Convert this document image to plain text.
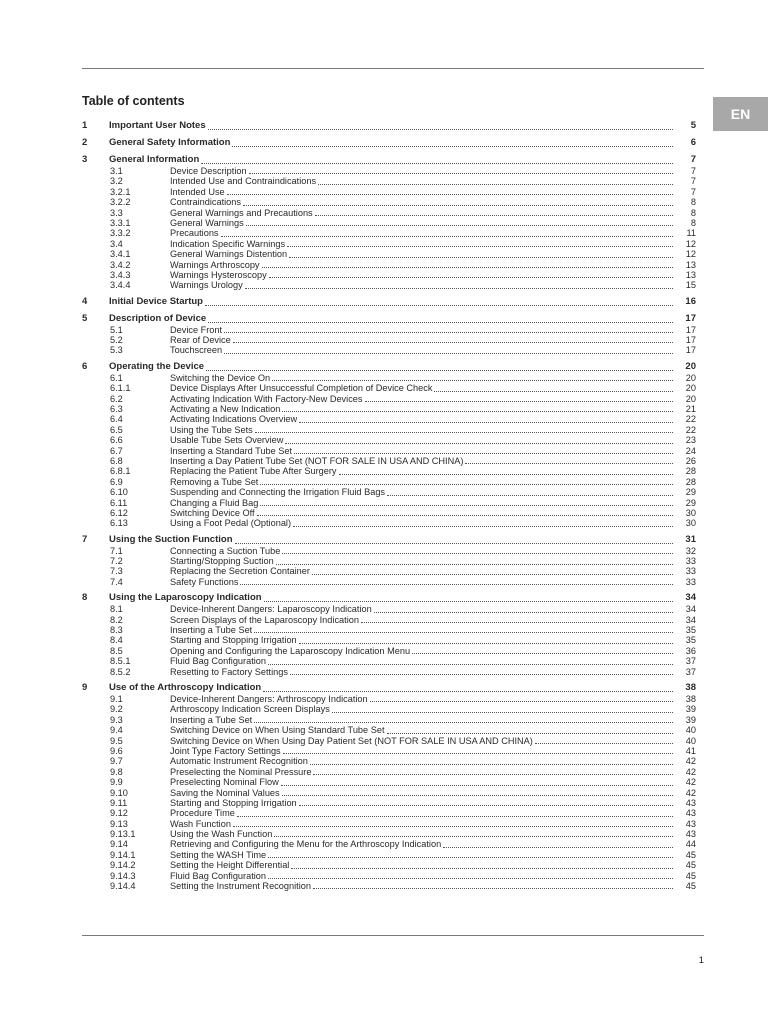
Table of contents
EN
1	Important User Notes	5
2	General Safety Information	6
3	General Information	7
3.1	Device Description	7
3.2	Intended Use and Contraindications	7
3.2.1	Intended Use	7
3.2.2	Contraindications	8
3.3	General Warnings and Precautions	8
3.3.1	General Warnings	8
3.3.2	Precautions	11
3.4	Indication Specific Warnings	12
3.4.1	General Warnings Distention	12
3.4.2	Warnings Arthroscopy	13
3.4.3	Warnings Hysteroscopy	13
3.4.4	Warnings Urology	15
4	Initial Device Startup	16
5	Description of Device	17
5.1	Device Front	17
5.2	Rear of Device	17
5.3	Touchscreen	17
6	Operating the Device	20
6.1	Switching the Device On	20
6.1.1	Device Displays After Unsuccessful Completion of Device Check	20
6.2	Activating Indication With Factory-New Devices	20
6.3	Activating a New Indication	21
6.4	Activating Indications Overview	22
6.5	Using the Tube Sets	22
6.6	Usable Tube Sets Overview	23
6.7	Inserting a Standard Tube Set	24
6.8	Inserting a Day Patient Tube Set (NOT FOR SALE IN USA AND CHINA)	26
6.8.1	Replacing the Patient Tube After Surgery	28
6.9	Removing a Tube Set	28
6.10	Suspending and Connecting the Irrigation Fluid Bags	29
6.11	Changing a Fluid Bag	29
6.12	Switching Device Off	30
6.13	Using a Foot Pedal (Optional)	30
7	Using the Suction Function	31
7.1	Connecting a Suction Tube	32
7.2	Starting/Stopping Suction	33
7.3	Replacing the Secretion Container	33
7.4	Safety Functions	33
8	Using the Laparoscopy Indication	34
8.1	Device-Inherent Dangers: Laparoscopy Indication	34
8.2	Screen Displays of the Laparoscopy Indication	34
8.3	Inserting a Tube Set	35
8.4	Starting and Stopping Irrigation	35
8.5	Opening and Configuring the Laparoscopy Indication Menu	36
8.5.1	Fluid Bag Configuration	37
8.5.2	Resetting to Factory Settings	37
9	Use of the Arthroscopy Indication	38
9.1	Device-Inherent Dangers: Arthroscopy Indication	38
9.2	Arthroscopy Indication Screen Displays	39
9.3	Inserting a Tube Set	39
9.4	Switching Device on When Using Standard Tube Set	40
9.5	Switching Device on When Using Day Patient Set (NOT FOR SALE IN USA AND CHINA)	40
9.6	Joint Type Factory Settings	41
9.7	Automatic Instrument Recognition	42
9.8	Preselecting the Nominal Pressure	42
9.9	Preselecting Nominal Flow	42
9.10	Saving the Nominal Values	42
9.11	Starting and Stopping Irrigation	43
9.12	Procedure Time	43
9.13	Wash Function	43
9.13.1	Using the Wash Function	43
9.14	Retrieving and Configuring the Menu for the Arthroscopy Indication	44
9.14.1	Setting the WASH Time	45
9.14.2	Setting the Height Differential	45
9.14.3	Fluid Bag Configuration	45
9.14.4	Setting the Instrument Recognition	45
1
